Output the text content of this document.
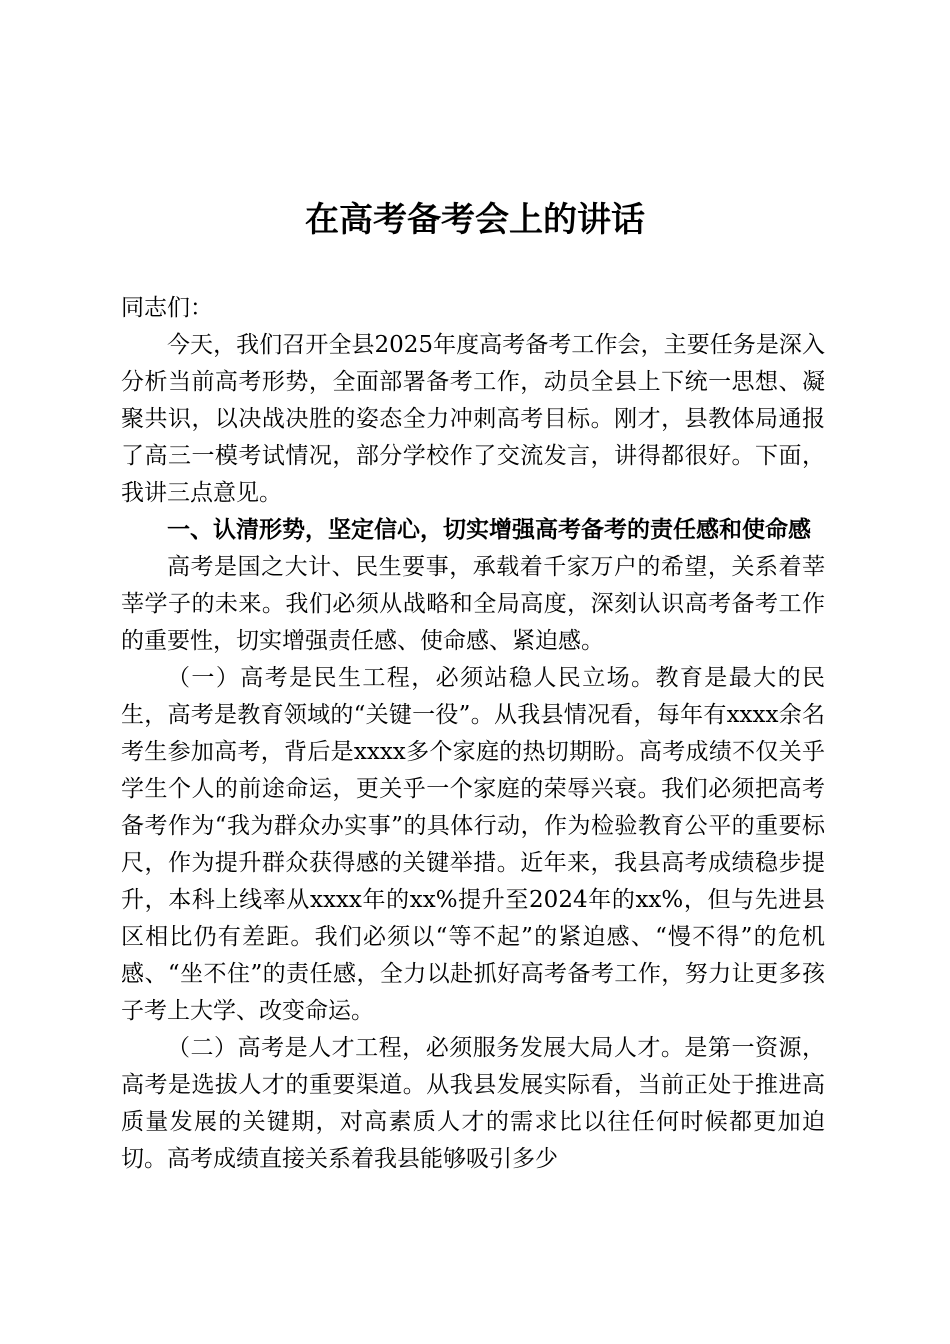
在高考备考会上的讲话

同志们：

今天，我们召开全县2025年度高考备考工作会，主要任务是深入分析当前高考形势，全面部署备考工作，动员全县上下统一思想、凝聚共识，以决战决胜的姿态全力冲刺高考目标。刚才，县教体局通报了高三一模考试情况，部分学校作了交流发言，讲得都很好。下面，我讲三点意见。

一、认清形势，坚定信心，切实增强高考备考的责任感和使命感

高考是国之大计、民生要事，承载着千家万户的希望，关系着莘莘学子的未来。我们必须从战略和全局高度，深刻认识高考备考工作的重要性，切实增强责任感、使命感、紧迫感。

（一）高考是民生工程，必须站稳人民立场。教育是最大的民生，高考是教育领域的“关键一役”。从我县情况看，每年有xxxx余名考生参加高考，背后是xxxx多个家庭的热切期盼。高考成绩不仅关乎学生个人的前途命运，更关乎一个家庭的荣辱兴衰。我们必须把高考备考作为“我为群众办实事”的具体行动，作为检验教育公平的重要标尺，作为提升群众获得感的关键举措。近年来，我县高考成绩稳步提升，本科上线率从xxxx年的xx%提升至2024年的xx%，但与先进县区相比仍有差距。我们必须以“等不起”的紧迫感、“慢不得”的危机感、“坐不住”的责任感，全力以赴抓好高考备考工作，努力让更多孩子考上大学、改变命运。

（二）高考是人才工程，必须服务发展大局人才。是第一资源，高考是选拔人才的重要渠道。从我县发展实际看，当前正处于推进高质量发展的关键期，对高素质人才的需求比以往任何时候都更加迫切。高考成绩直接关系着我县能够吸引多少
